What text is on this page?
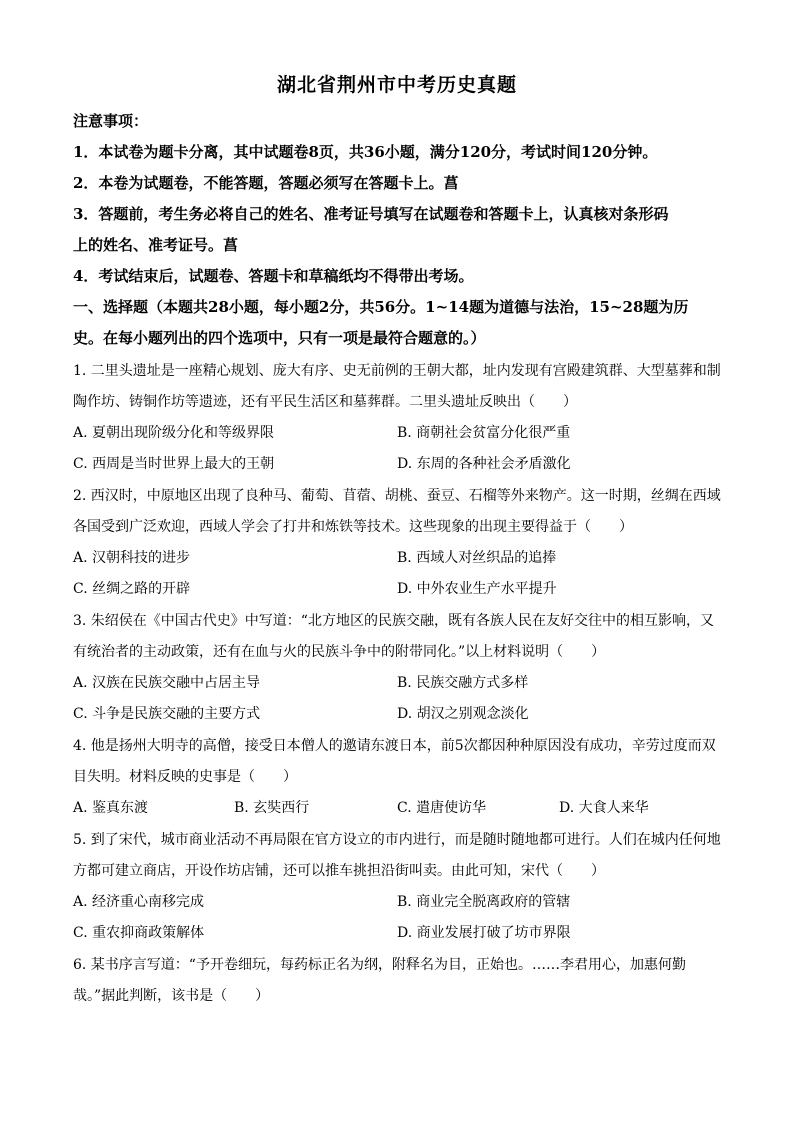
湖北省荆州市中考历史真题
注意事项：
1．本试卷为题卡分离，其中试题卷8页，共36小题，满分120分，考试时间120分钟。
2．本卷为试题卷，不能答题，答题必须写在答题卡上。菖
3．答题前，考生务必将自己的姓名、准考证号填写在试题卷和答题卡上，认真核对条形码
上的姓名、准考证号。菖
4．考试结束后，试题卷、答题卡和草稿纸均不得带出考场。
一、选择题（本题共28小题，每小题2分，共56分。1~14题为道德与法治，15~28题为历
史。在每小题列出的四个选项中，只有一项是最符合题意的。）
1. 二里头遗址是一座精心规划、庞大有序、史无前例的王朝大都，址内发现有宫殿建筑群、大型墓葬和制
陶作坊、铸铜作坊等遗迹，还有平民生活区和墓葬群。二里头遗址反映出（　　）
A. 夏朝出现阶级分化和等级界限	B. 商朝社会贫富分化很严重
C. 西周是当时世界上最大的王朝	D. 东周的各种社会矛盾激化
2. 西汉时，中原地区出现了良种马、葡萄、苜蓿、胡桃、蚕豆、石榴等外来物产。这一时期，丝绸在西域
各国受到广泛欢迎，西域人学会了打井和炼铁等技术。这些现象的出现主要得益于（　　）
A. 汉朝科技的进步	B. 西域人对丝织品的追捧
C. 丝绸之路的开辟	D. 中外农业生产水平提升
3. 朱绍侯在《中国古代史》中写道：“北方地区的民族交融，既有各族人民在友好交往中的相互影响，又
有统治者的主动政策，还有在血与火的民族斗争中的附带同化。”以上材料说明（　　）
A. 汉族在民族交融中占居主导	B. 民族交融方式多样
C. 斗争是民族交融的主要方式	D. 胡汉之别观念淡化
4. 他是扬州大明寺的高僧，接受日本僧人的邀请东渡日本，前5次都因种种原因没有成功，辛劳过度而双
目失明。材料反映的史事是（　　）
A. 鉴真东渡	B. 玄奘西行	C. 遣唐使访华	D. 大食人来华
5. 到了宋代，城市商业活动不再局限在官方设立的市内进行，而是随时随地都可进行。人们在城内任何地
方都可建立商店，开设作坊店铺，还可以推车挑担沿街叫卖。由此可知，宋代（　　）
A. 经济重心南移完成	B. 商业完全脱离政府的管辖
C. 重农抑商政策解体	D. 商业发展打破了坊市界限
6. 某书序言写道：“予开卷细玩，每药标正名为纲，附释名为目，正始也。……李君用心，加惠何勤
哉。”据此判断，该书是（　　）
